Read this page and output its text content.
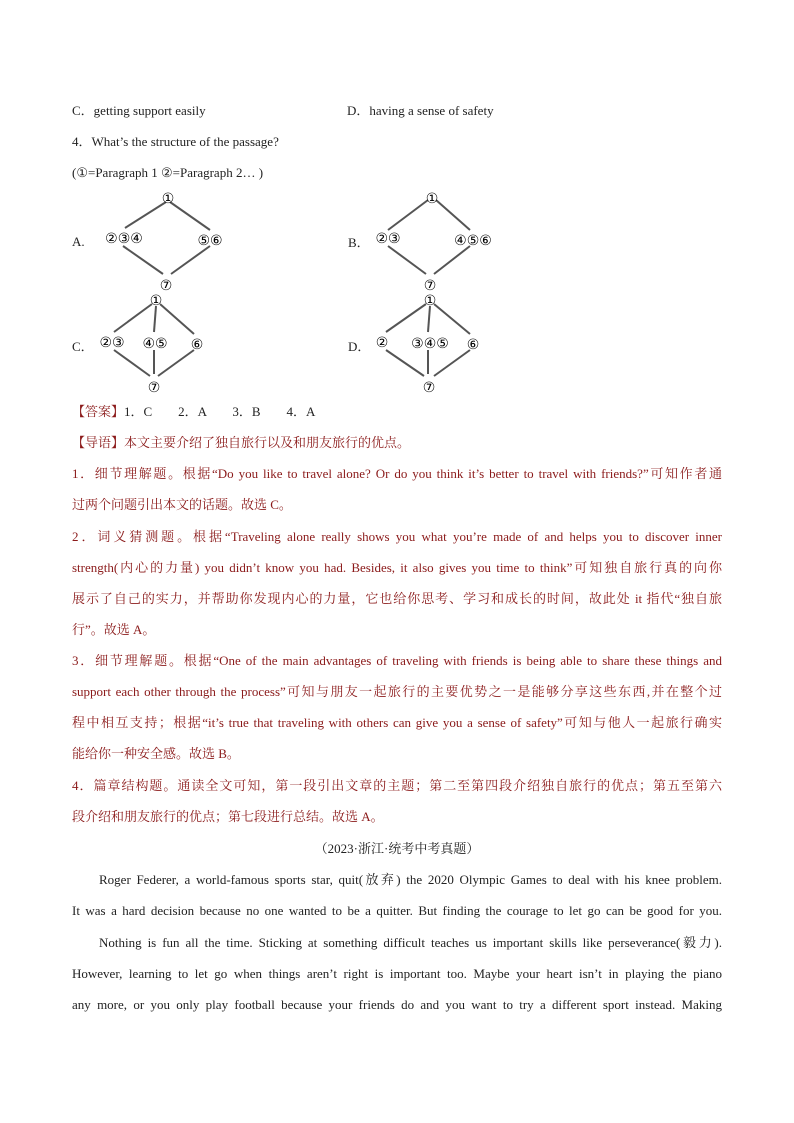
C．getting support easily	D．having a sense of safety
4．What’s the structure of the passage?
(①=Paragraph 1 ②=Paragraph 2… )
A.
①
②③④	⑤⑥
⑦
B．
①
②③	④⑤⑥
⑦
C．
①
②③ ④⑤ ⑥
⑦
D．
①
② ③④⑤ ⑥
⑦
【答案】1．C　　2．A　　3．B　　4．A
【导语】本文主要介绍了独自旅行以及和朋友旅行的优点。
1．细节理解题。根据“Do you like to travel alone? Or do you think it’s better to travel with friends?”可知作者通
过两个问题引出本文的话题。故选 C。
2．词义猜测题。根据“Traveling alone really shows you what you’re made of and helps you to discover inner
strength(内心的力量) you didn’t know you had. Besides, it also gives you time to think”可知独自旅行真的向你
展示了自己的实力，并帮助你发现内心的力量，它也给你思考、学习和成长的时间，故此处 it 指代“独自旅
行”。故选 A。
3．细节理解题。根据“One of the main advantages of traveling with friends is being able to share these things and
support each other through the process”可知与朋友一起旅行的主要优势之一是能够分享这些东西,并在整个过
程中相互支持；根据“it’s true that traveling with others can give you a sense of safety”可知与他人一起旅行确实
能给你一种安全感。故选 B。
4．篇章结构题。通读全文可知，第一段引出文章的主题；第二至第四段介绍独自旅行的优点；第五至第六
段介绍和朋友旅行的优点；第七段进行总结。故选 A。
（2023·浙江·统考中考真题）
Roger Federer, a world-famous sports star, quit(放弃) the 2020 Olympic Games to deal with his knee problem.
It was a hard decision because no one wanted to be a quitter. But finding the courage to let go can be good for you.
Nothing is fun all the time. Sticking at something difficult teaches us important skills like perseverance(毅力).
However, learning to let go when things aren’t right is important too. Maybe your heart isn’t in playing the piano
any more, or you only play football because your friends do and you want to try a different sport instead. Making
